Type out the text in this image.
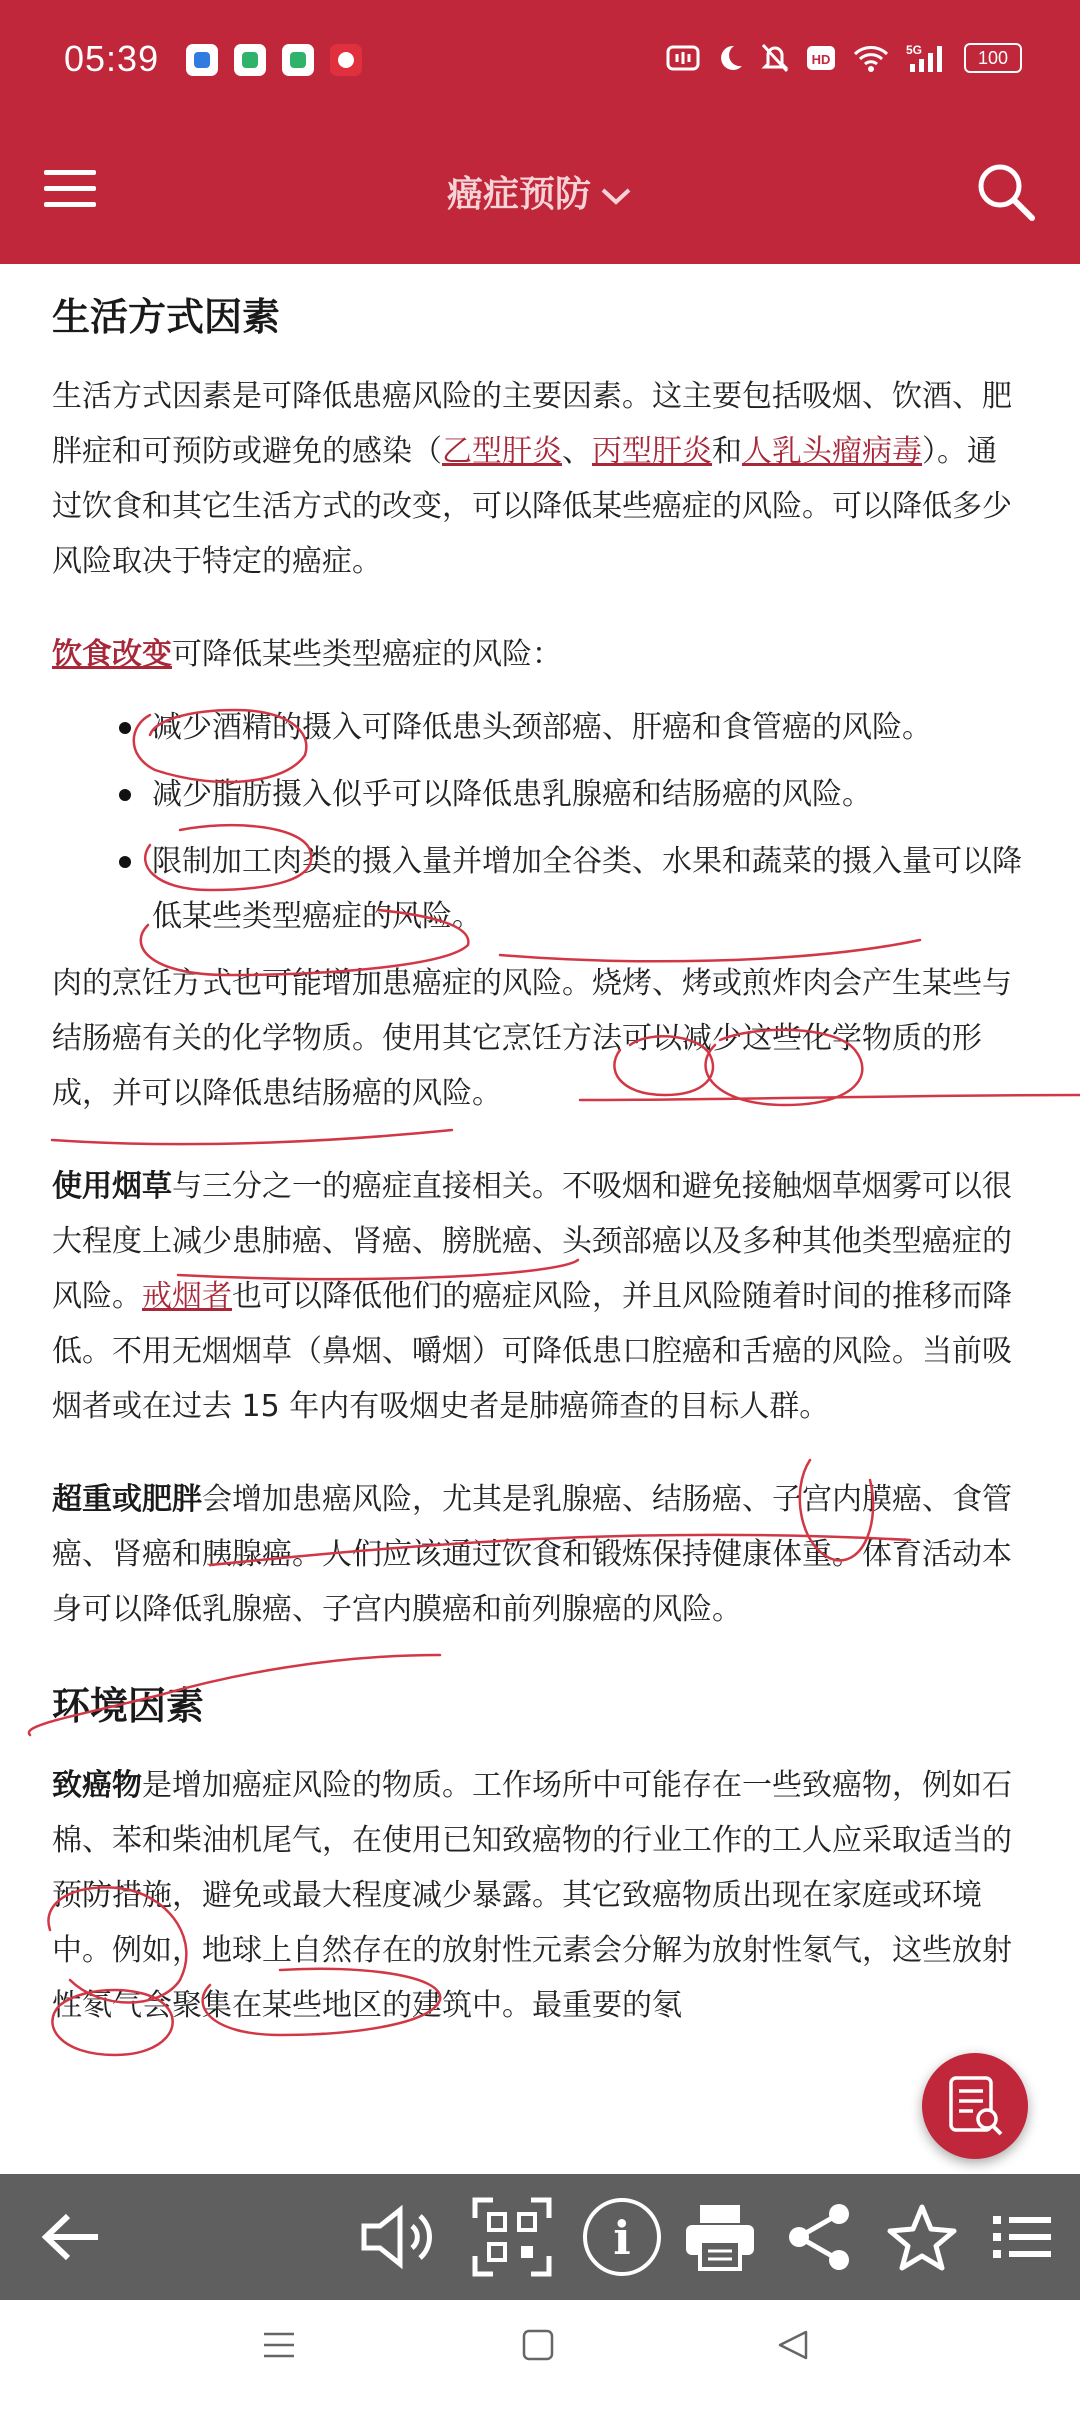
05:39	HD
5G	100
癌症预防
生活方式因素

生活方式因素是可降低患癌风险的主要因素。这主要包括吸烟、饮酒、肥胖症和可预防或避免的感染（乙型肝炎、丙型肝炎和人乳头瘤病毒）。通过饮食和其它生活方式的改变，可以降低某些癌症的风险。可以降低多少风险取决于特定的癌症。

饮食改变可降低某些类型癌症的风险：

减少酒精的摄入可降低患头颈部癌、肝癌和食管癌的风险。
减少脂肪摄入似乎可以降低患乳腺癌和结肠癌的风险。
限制加工肉类的摄入量并增加全谷类、水果和蔬菜的摄入量可以降低某些类型癌症的风险。

肉的烹饪方式也可能增加患癌症的风险。烧烤、烤或煎炸肉会产生某些与结肠癌有关的化学物质。使用其它烹饪方法可以减少这些化学物质的形成，并可以降低患结肠癌的风险。

使用烟草与三分之一的癌症直接相关。不吸烟和避免接触烟草烟雾可以很大程度上减少患肺癌、肾癌、膀胱癌、头颈部癌以及多种其他类型癌症的风险。戒烟者也可以降低他们的癌症风险，并且风险随着时间的推移而降低。不用无烟烟草（鼻烟、嚼烟）可降低患口腔癌和舌癌的风险。当前吸烟者或在过去 15 年内有吸烟史者是肺癌筛查的目标人群。

超重或肥胖会增加患癌风险，尤其是乳腺癌、结肠癌、子宫内膜癌、食管癌、肾癌和胰腺癌。人们应该通过饮食和锻炼保持健康体重。体育活动本身可以降低乳腺癌、子宫内膜癌和前列腺癌的风险。

环境因素

致癌物是增加癌症风险的物质。工作场所中可能存在一些致癌物，例如石棉、苯和柴油机尾气，在使用已知致癌物的行业工作的工人应采取适当的预防措施，避免或最大程度减少暴露。其它致癌物质出现在家庭或环境中。例如，地球上自然存在的放射性元素会分解为放射性氡气，这些放射性氡气会聚集在某些地区的建筑中。最重要的氡

i
